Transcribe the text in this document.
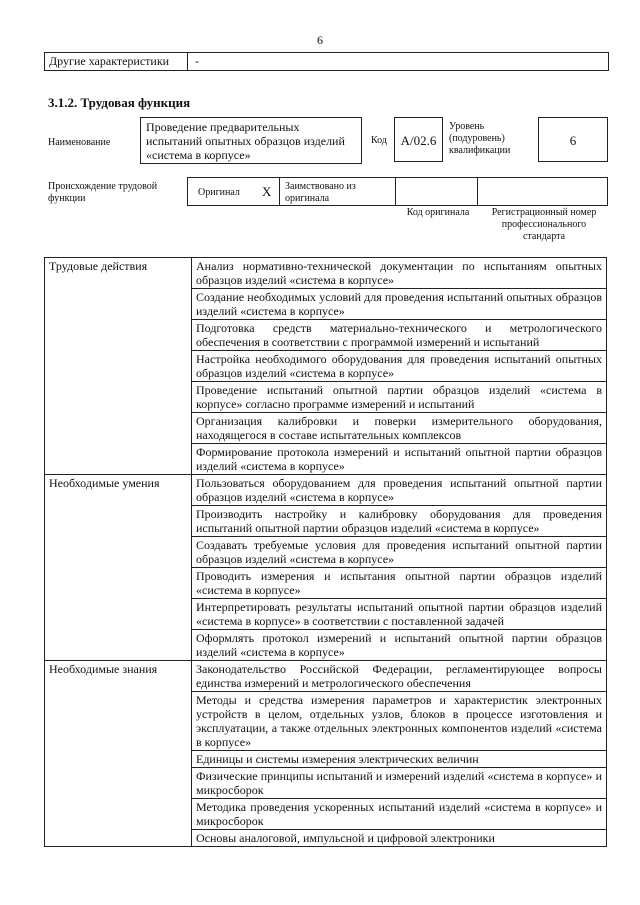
6
Другие характеристики -
3.1.2. Трудовая функция
Наименование
Проведение предварительных испытаний опытных образцов изделий «система в корпусе»
Код	A/02.6
Уровень (подуровень) квалификации
6
Происхождение трудовой функции
Оригинал X Заимствовано из оригинала
Код оригинала	Регистрационный номер профессионального стандарта
Трудовые действия	Анализ нормативно-технической документации по испытаниям опытных образцов изделий «система в корпусе»
	Создание необходимых условий для проведения испытаний опытных образцов изделий «система в корпусе»
	Подготовка средств материально-технического и метрологического обеспечения в соответствии с программой измерений и испытаний
	Настройка необходимого оборудования для проведения испытаний опытных образцов изделий «система в корпусе»
	Проведение испытаний опытной партии образцов изделий «система в корпусе» согласно программе измерений и испытаний
	Организация калибровки и поверки измерительного оборудования, находящегося в составе испытательных комплексов
	Формирование протокола измерений и испытаний опытной партии образцов изделий «система в корпусе»
Необходимые умения	Пользоваться оборудованием для проведения испытаний опытной партии образцов изделий «система в корпусе»
	Производить настройку и калибровку оборудования для проведения испытаний опытной партии образцов изделий «система в корпусе»
	Создавать требуемые условия для проведения испытаний опытной партии образцов изделий «система в корпусе»
	Проводить измерения и испытания опытной партии образцов изделий «система в корпусе»
	Интерпретировать результаты испытаний опытной партии образцов изделий «система в корпусе» в соответствии с поставленной задачей
	Оформлять протокол измерений и испытаний опытной партии образцов изделий «система в корпусе»
Необходимые знания	Законодательство Российской Федерации, регламентирующее вопросы единства измерений и метрологического обеспечения
	Методы и средства измерения параметров и характеристик электронных устройств в целом, отдельных узлов, блоков в процессе изготовления и эксплуатации, а также отдельных электронных компонентов изделий «система в корпусе»
	Единицы и системы измерения электрических величин
	Физические принципы испытаний и измерений изделий «система в корпусе» и микросборок
	Методика проведения ускоренных испытаний изделий «система в корпусе» и микросборок
	Основы аналоговой, импульсной и цифровой электроники
